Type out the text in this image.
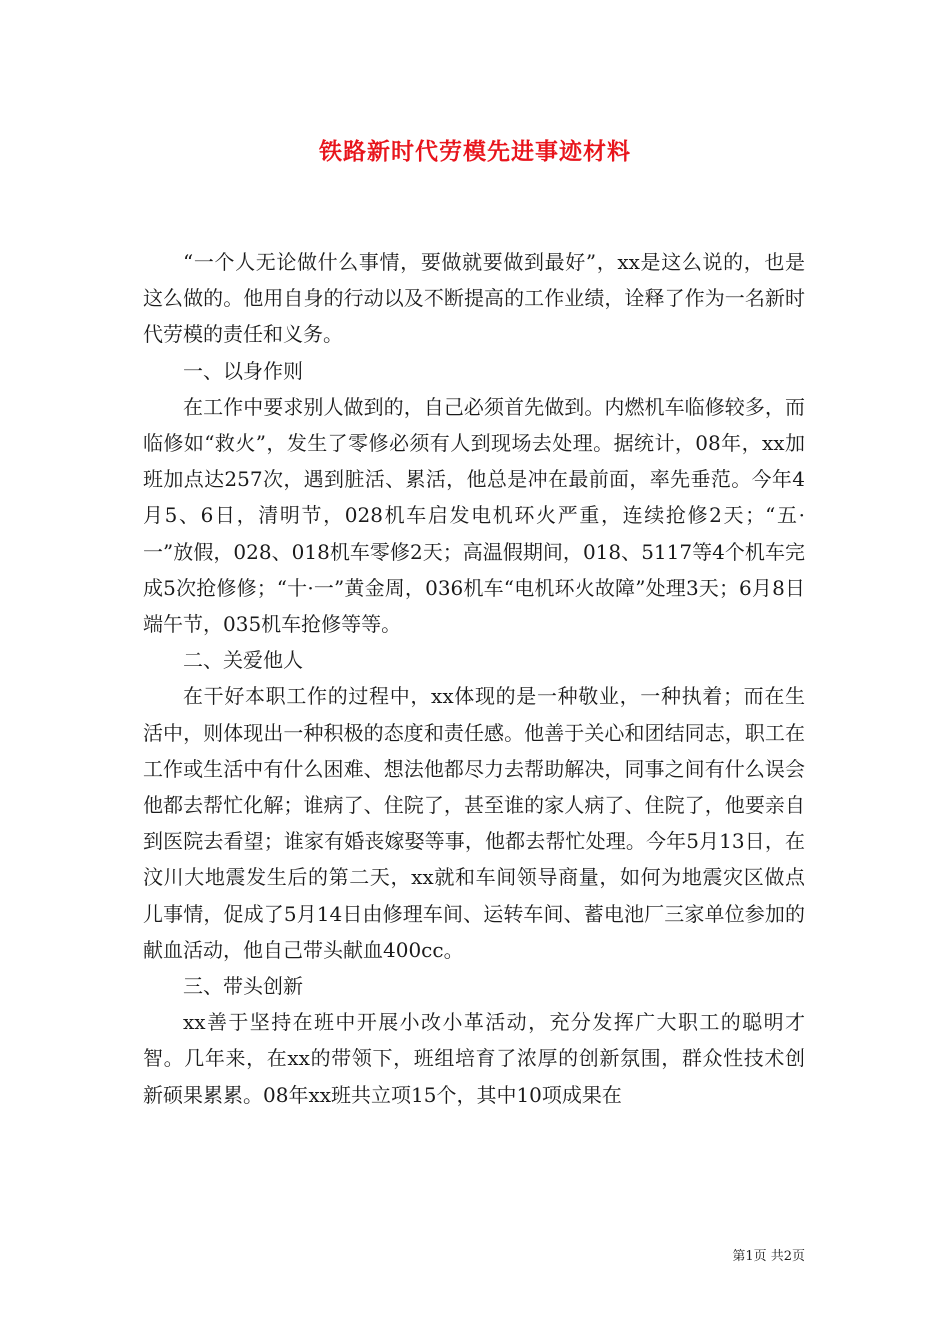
铁路新时代劳模先进事迹材料

“一个人无论做什么事情，要做就要做到最好”，xx是这么说的，也是这么做的。他用自身的行动以及不断提高的工作业绩，诠释了作为一名新时代劳模的责任和义务。

一、以身作则

在工作中要求别人做到的，自己必须首先做到。内燃机车临修较多，而临修如“救火”，发生了零修必须有人到现场去处理。据统计，08年，xx加班加点达257次，遇到脏活、累活，他总是冲在最前面，率先垂范。今年4月5、6日，清明节，028机车启发电机环火严重，连续抢修2天；“五·一”放假，028、018机车零修2天；高温假期间，018、5117等4个机车完成5次抢修修；“十·一”黄金周，036机车“电机环火故障”处理3天；6月8日端午节，035机车抢修等等。

二、关爱他人

在干好本职工作的过程中，xx体现的是一种敬业，一种执着；而在生活中，则体现出一种积极的态度和责任感。他善于关心和团结同志，职工在工作或生活中有什么困难、想法他都尽力去帮助解决，同事之间有什么误会他都去帮忙化解；谁病了、住院了，甚至谁的家人病了、住院了，他要亲自到医院去看望；谁家有婚丧嫁娶等事，他都去帮忙处理。今年5月13日，在汶川大地震发生后的第二天，xx就和车间领导商量，如何为地震灾区做点儿事情，促成了5月14日由修理车间、运转车间、蓄电池厂三家单位参加的献血活动，他自己带头献血400cc。

三、带头创新

xx善于坚持在班中开展小改小革活动，充分发挥广大职工的聪明才智。几年来，在xx的带领下，班组培育了浓厚的创新氛围，群众性技术创新硕果累累。08年xx班共立项15个，其中10项成果在

第1页 共2页
